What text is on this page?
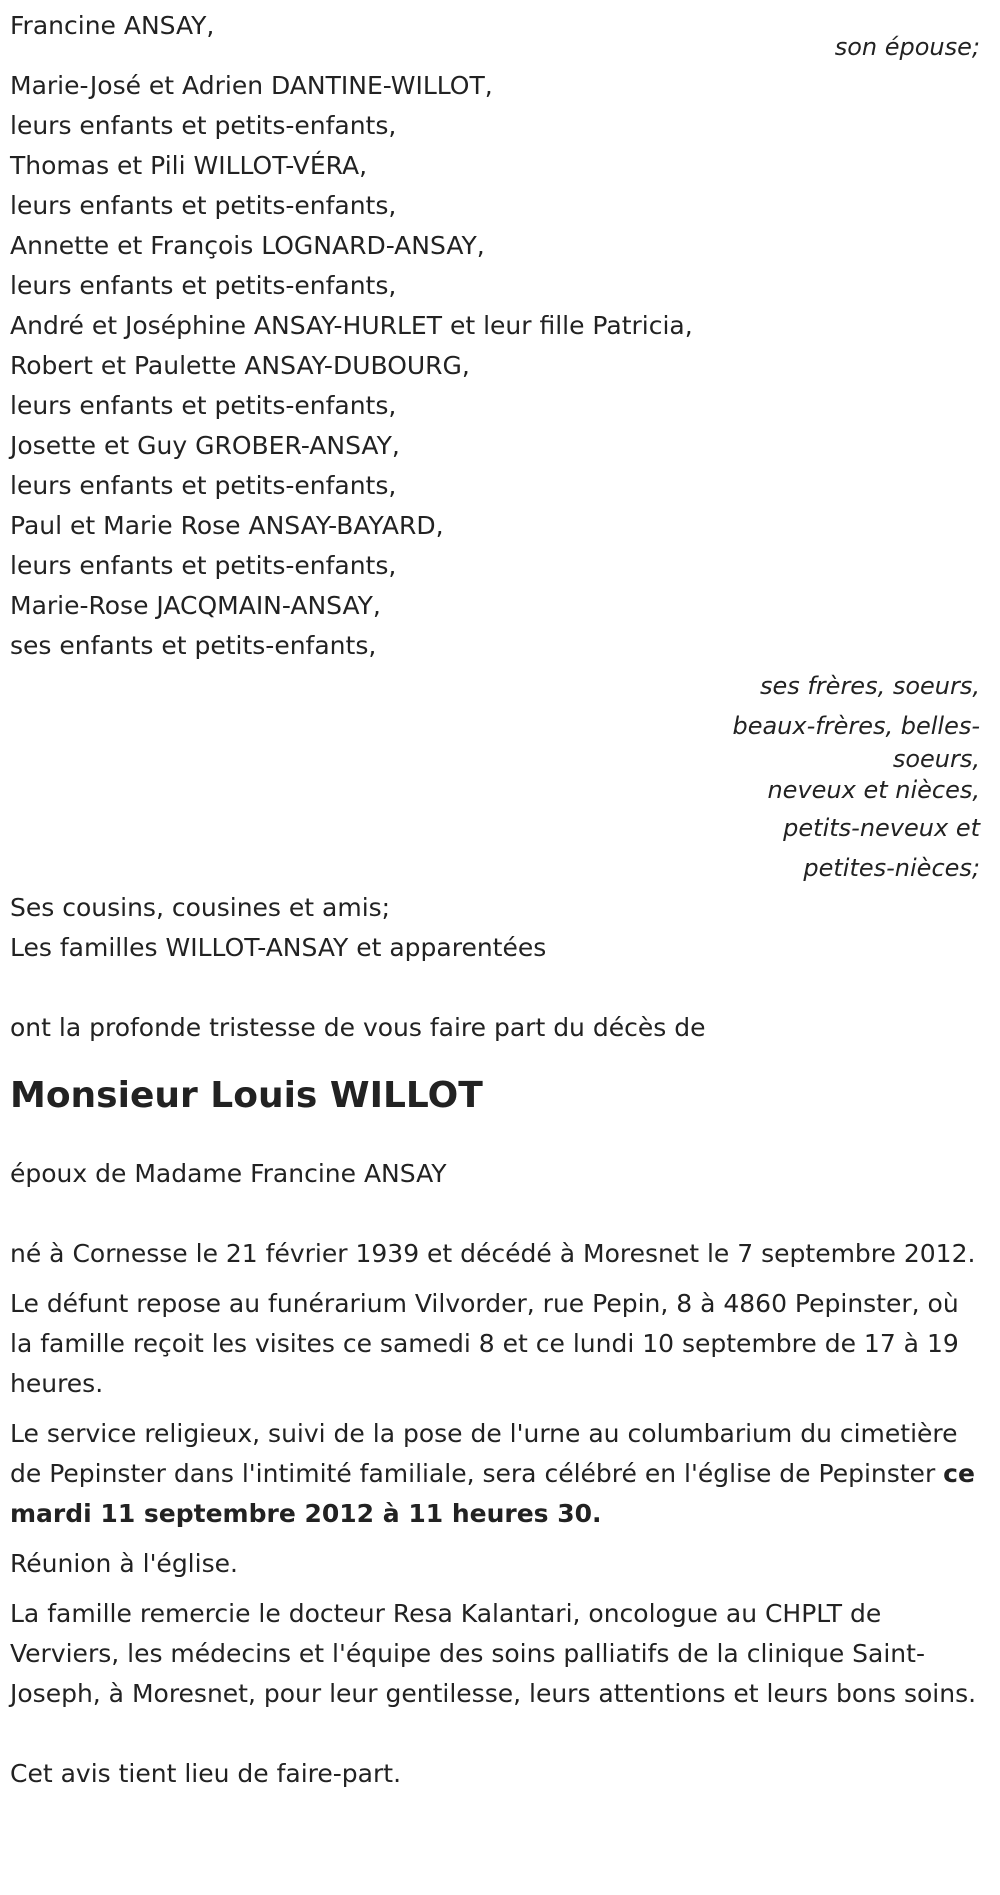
Francine ANSAY,

son épouse;

Marie-José et Adrien DANTINE-WILLOT,

leurs enfants et petits-enfants,

Thomas et Pili WILLOT-VÉRA,

leurs enfants et petits-enfants,

Annette et François LOGNARD-ANSAY,

leurs enfants et petits-enfants,

André et Joséphine ANSAY-HURLET et leur fille Patricia,

Robert et Paulette ANSAY-DUBOURG,

leurs enfants et petits-enfants,

Josette et Guy GROBER-ANSAY,

leurs enfants et petits-enfants,

Paul et Marie Rose ANSAY-BAYARD,

leurs enfants et petits-enfants,

Marie-Rose JACQMAIN-ANSAY,

ses enfants et petits-enfants,

ses frères, soeurs,
beaux-frères, belles-
soeurs,
neveux et nièces,
petits-neveux et
petites-nièces;

Ses cousins, cousines et amis;

Les familles WILLOT-ANSAY et apparentées

ont la profonde tristesse de vous faire part du décès de

Monsieur Louis WILLOT

époux de Madame Francine ANSAY

né à Cornesse le 21 février 1939 et décédé à Moresnet le 7 septembre 2012.

Le défunt repose au funérarium Vilvorder, rue Pepin, 8 à 4860 Pepinster, où la famille reçoit les visites ce samedi 8 et ce lundi 10 septembre de 17 à 19 heures.

Le service religieux, suivi de la pose de l'urne au columbarium du cimetière de Pepinster dans l'intimité familiale, sera célébré en l'église de Pepinster ce mardi 11 septembre 2012 à 11 heures 30.

Réunion à l'église.

La famille remercie le docteur Resa Kalantari, oncologue au CHPLT de Verviers, les médecins et l'équipe des soins palliatifs de la clinique Saint-Joseph, à Moresnet, pour leur gentilesse, leurs attentions et leurs bons soins.

Cet avis tient lieu de faire-part.
